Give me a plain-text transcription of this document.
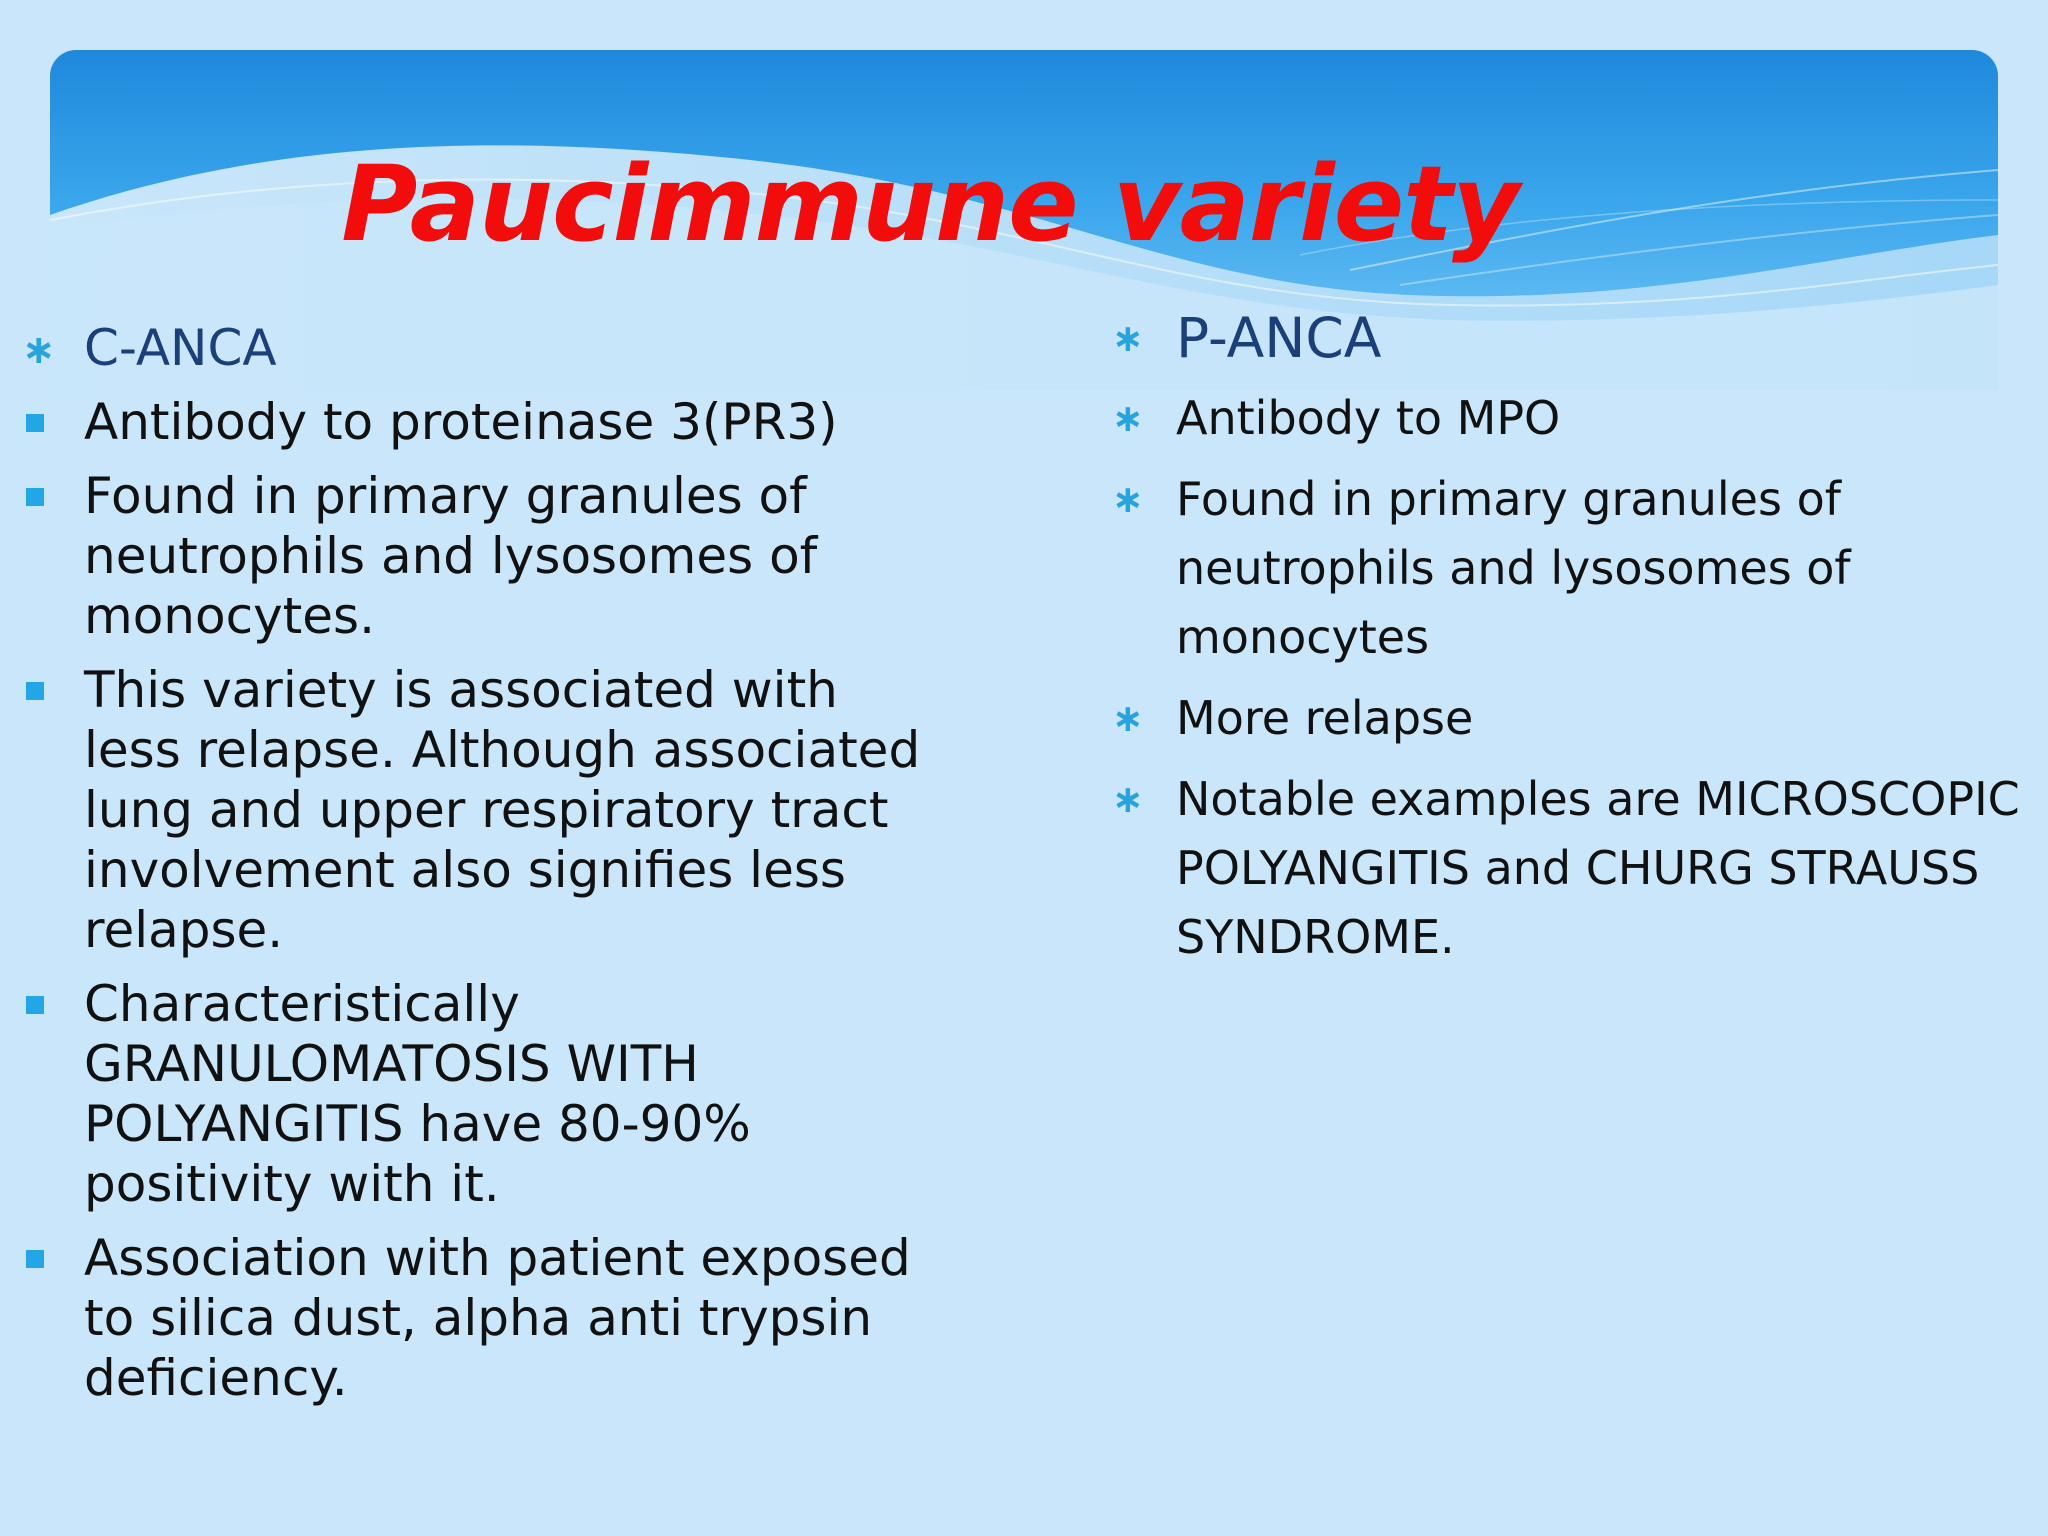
Paucimmune variety
∗ C-ANCA
Antibody to proteinase 3(PR3)
Found in primary granules of neutrophils and lysosomes of monocytes.
This variety is associated with less relapse. Although associated lung and upper respiratory tract involvement also signifies less relapse.
Characteristically GRANULOMATOSIS WITH POLYANGITIS have 80-90% positivity with it.
Association with patient exposed to silica dust, alpha anti trypsin deficiency.
∗ P-ANCA
∗ Antibody to MPO
∗ Found in primary granules of neutrophils and lysosomes of monocytes
∗ More relapse
∗ Notable examples are MICROSCOPIC POLYANGITIS and CHURG STRAUSS SYNDROME.
